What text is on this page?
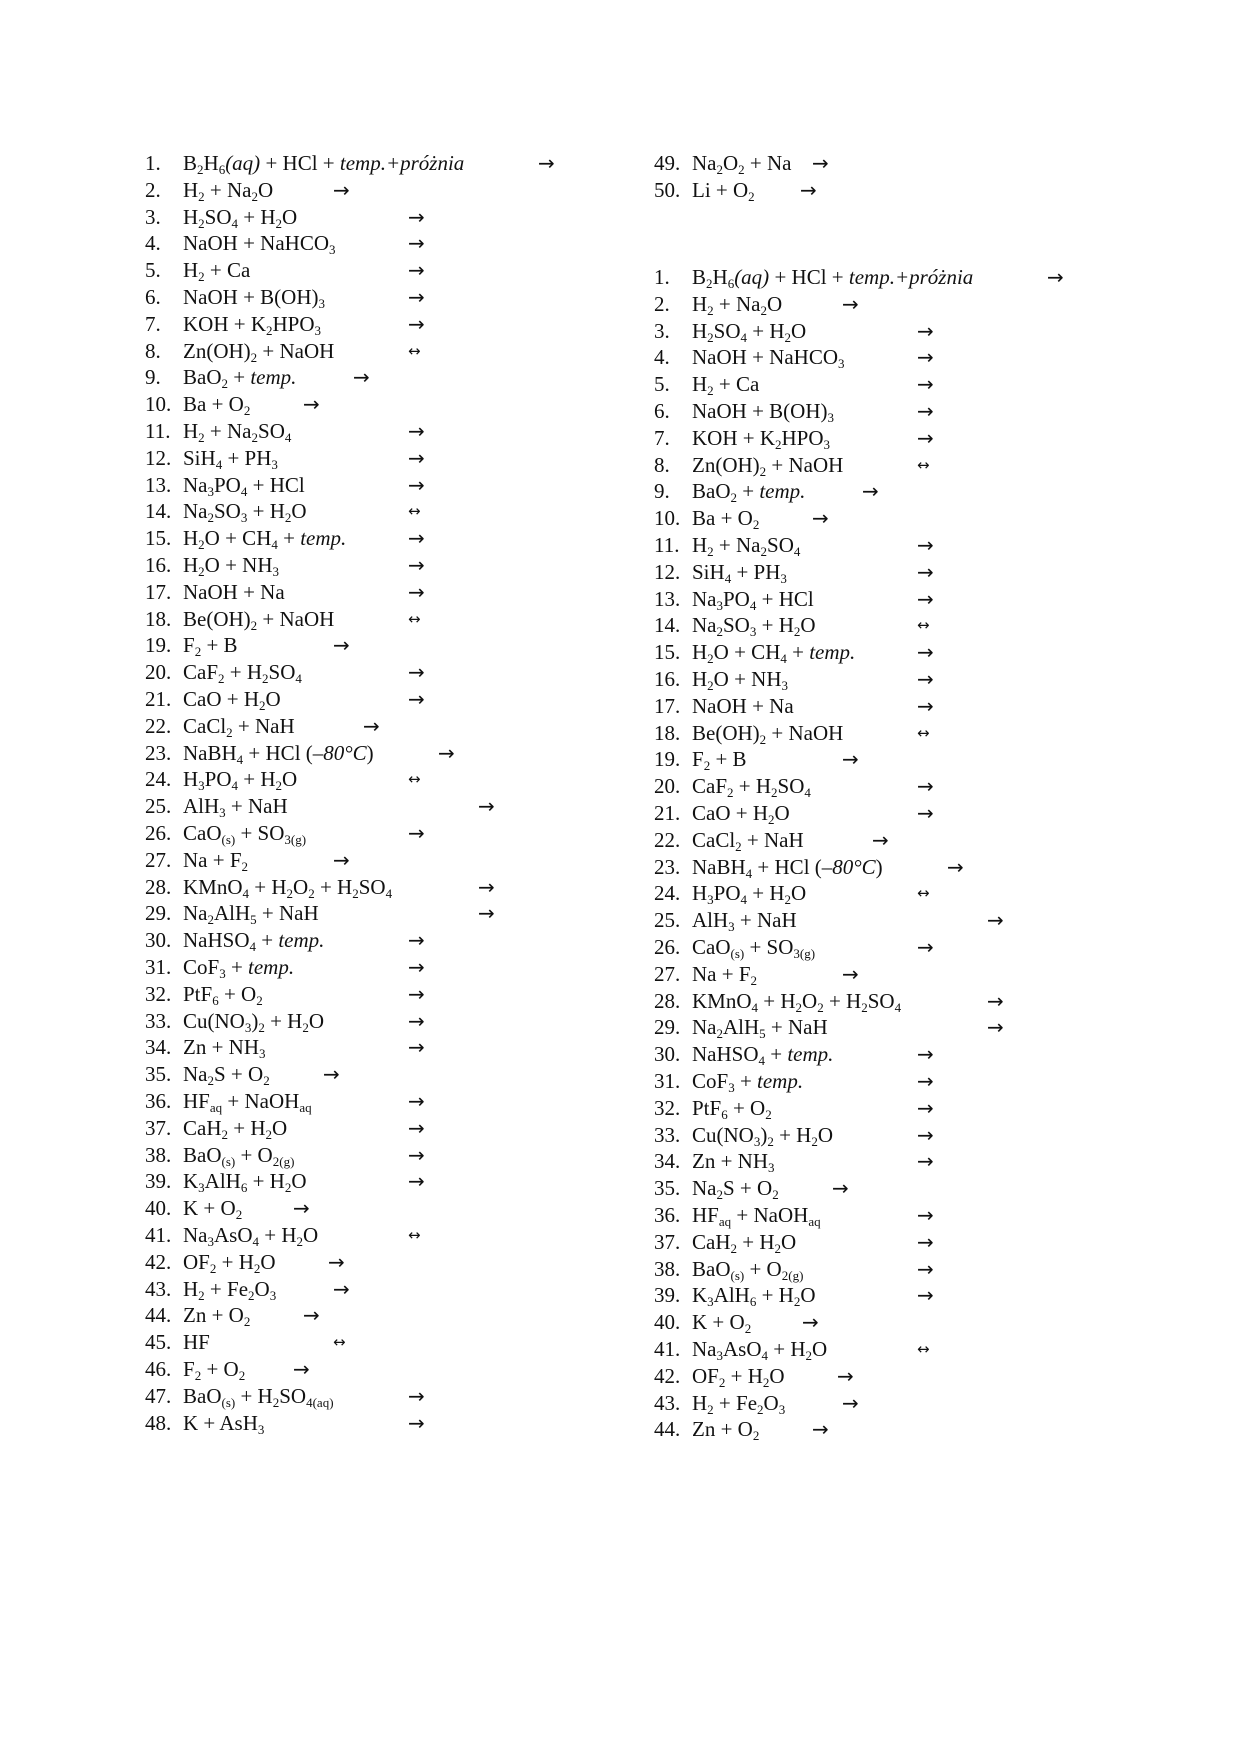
1. $B_2H_6(aq)$ + HCl + temp.+próżnia	→
2. $H_2 + Na_2O$	→
3. $H_2SO_4 + H_2O$	→
4. NaOH + NaHCO$_3$	→
5. $H_2 + Ca$	→
6. NaOH + $B(OH)_3$	→
7. KOH + $K_2HPO_3$	→
8. $Zn(OH)_2$ + NaOH	↔
9. BaO$_2$ + temp.	→
10. $Ba + O_2$	→
11. $H_2 + Na_2SO_4$	→
12. $SiH_4 + PH_3$	→
13. $Na_3PO_4$ + HCl	→
14. $Na_2SO_3 + H_2O$	↔
15. $H_2O + CH_4$ + temp.	→
16. $H_2O + NH_3$	→
17. NaOH + Na	→
18. $Be(OH)_2$ + NaOH	↔
19. $F_2 + B$	→
20. $CaF_2 + H_2SO_4$	→
21. CaO + $H_2O$	→
22. CaCl$_2$ + NaH	→
23. NaBH$_4$ + HCl (–80°C)	→
24. $H_3PO_4 + H_2O$	↔
25. AlH$_3$ + NaH	→
26. $CaO_{(s)} + SO_{3(g)}$	→
27. $Na + F_2$	→
28. KMnO$_4$ + $H_2O_2 + H_2SO_4$	→
29. $Na_2AlH_5$ + NaH	→
30. NaHSO$_4$ + temp.	→
31. CoF$_3$ + temp.	→
32. $PtF_6 + O_2$	→
33. $Cu(NO_3)_2 + H_2O$	→
34. $Zn + NH_3$	→
35. $Na_2S + O_2$	→
36. $HF_{aq}$ + NaOH$_{aq}$	→
37. $CaH_2 + H_2O$	→
38. $BaO_{(s)} + O_{2(g)}$	→
39. $K_3AlH_6 + H_2O$	→
40. $K + O_2$	→
41. $Na_3AsO_4 + H_2O$	↔
42. $OF_2 + H_2O$	→
43. $H_2 + Fe_2O_3$	→
44. $Zn + O_2$	→
45. HF	↔
46. $F_2 + O_2$ →
47. $BaO_{(s)} + H_2SO_{4(aq)}$	→
48. K + AsH$_3$	→
49. $Na_2O_2 + Na$ →
50. $Li + O_2$ →
1. $B_2H_6(aq)$ + HCl + temp.+próżnia	→
2. $H_2 + Na_2O$	→
3. $H_2SO_4 + H_2O$	→
4. NaOH + NaHCO$_3$	→
5. $H_2 + Ca$	→
6. NaOH + $B(OH)_3$	→
7. KOH + $K_2HPO_3$	→
8. $Zn(OH)_2$ + NaOH	↔
9. BaO$_2$ + temp.	→
10. $Ba + O_2$	→
11. $H_2 + Na_2SO_4$	→
12. $SiH_4 + PH_3$	→
13. $Na_3PO_4$ + HCl	→
14. $Na_2SO_3 + H_2O$	↔
15. $H_2O + CH_4$ + temp.	→
16. $H_2O + NH_3$	→
17. NaOH + Na	→
18. $Be(OH)_2$ + NaOH	↔
19. $F_2 + B$	→
20. $CaF_2 + H_2SO_4$	→
21. CaO + $H_2O$	→
22. CaCl$_2$ + NaH	→
23. NaBH$_4$ + HCl (–80°C)	→
24. $H_3PO_4 + H_2O$	↔
25. AlH$_3$ + NaH	→
26. $CaO_{(s)} + SO_{3(g)}$	→
27. $Na + F_2$	→
28. KMnO$_4$ + $H_2O_2 + H_2SO_4$	→
29. $Na_2AlH_5$ + NaH	→
30. NaHSO$_4$ + temp.	→
31. CoF$_3$ + temp.	→
32. $PtF_6 + O_2$	→
33. $Cu(NO_3)_2 + H_2O$	→
34. $Zn + NH_3$	→
35. $Na_2S + O_2$	→
36. $HF_{aq}$ + NaOH$_{aq}$	→
37. $CaH_2 + H_2O$	→
38. $BaO_{(s)} + O_{2(g)}$	→
39. $K_3AlH_6 + H_2O$	→
40. $K + O_2$	→
41. $Na_3AsO_4 + H_2O$	↔
42. $OF_2 + H_2O$	→
43. $H_2 + Fe_2O_3$	→
44. $Zn + O_2$	→
